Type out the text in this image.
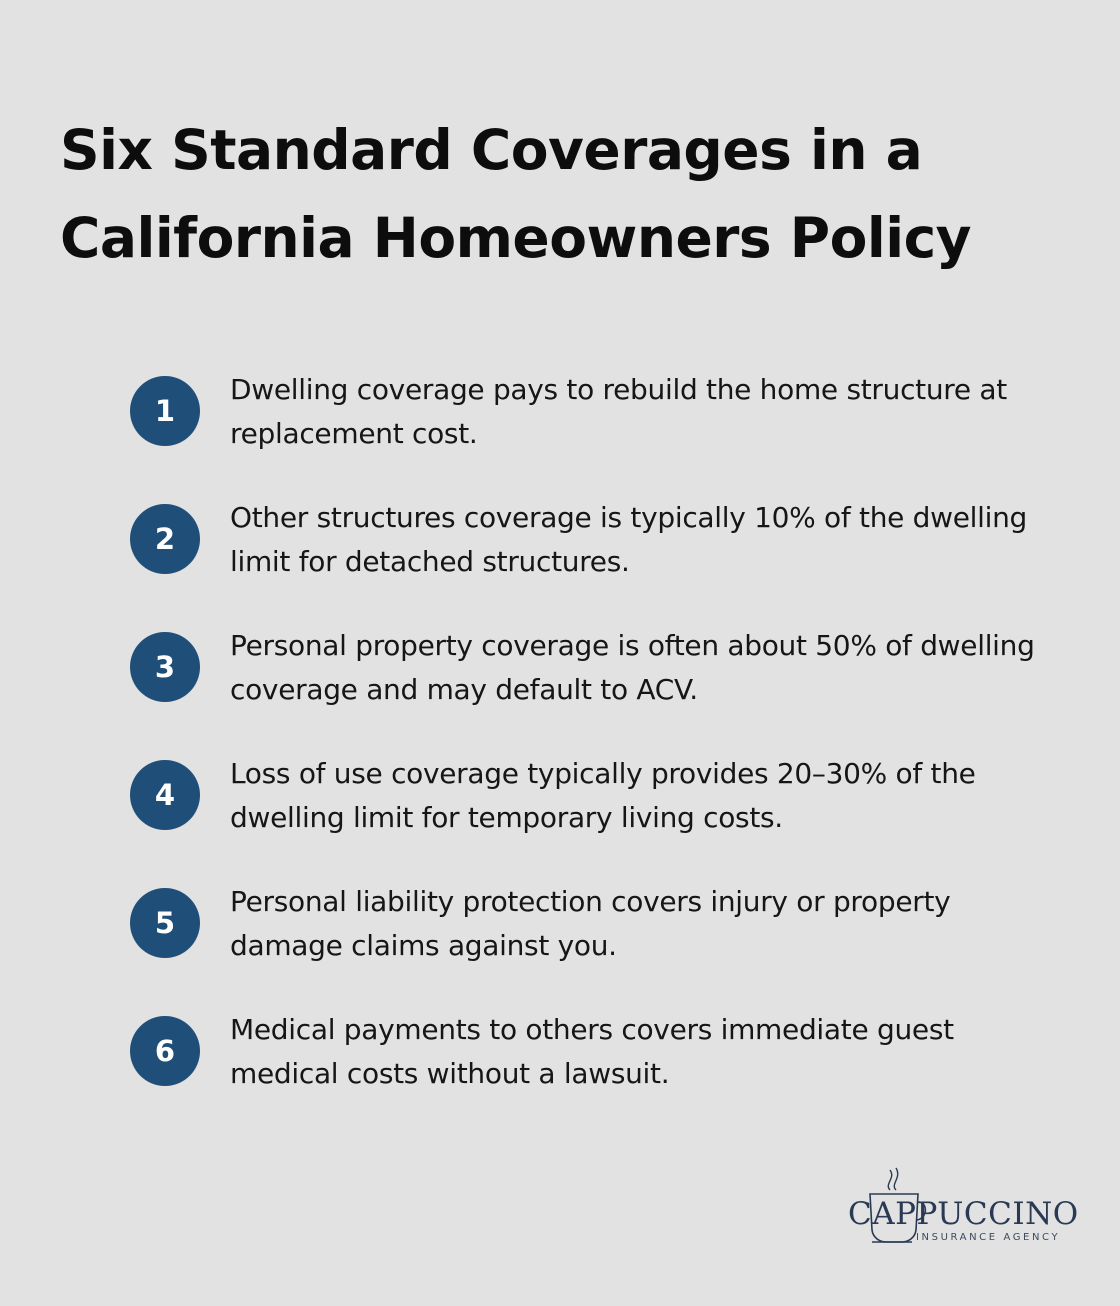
Six Standard Coverages in a
California Homeowners Policy
1
Dwelling coverage pays to rebuild the home structure at replacement cost.
2
Other structures coverage is typically 10% of the dwelling limit for detached structures.
3
Personal property coverage is often about 50% of dwelling coverage and may default to ACV.
4
Loss of use coverage typically provides 20–30% of the dwelling limit for temporary living costs.
5
Personal liability protection covers injury or property damage claims against you.
6
Medical payments to others covers immediate guest medical costs without a lawsuit.
CAPPUCCINO
INSURANCE AGENCY
